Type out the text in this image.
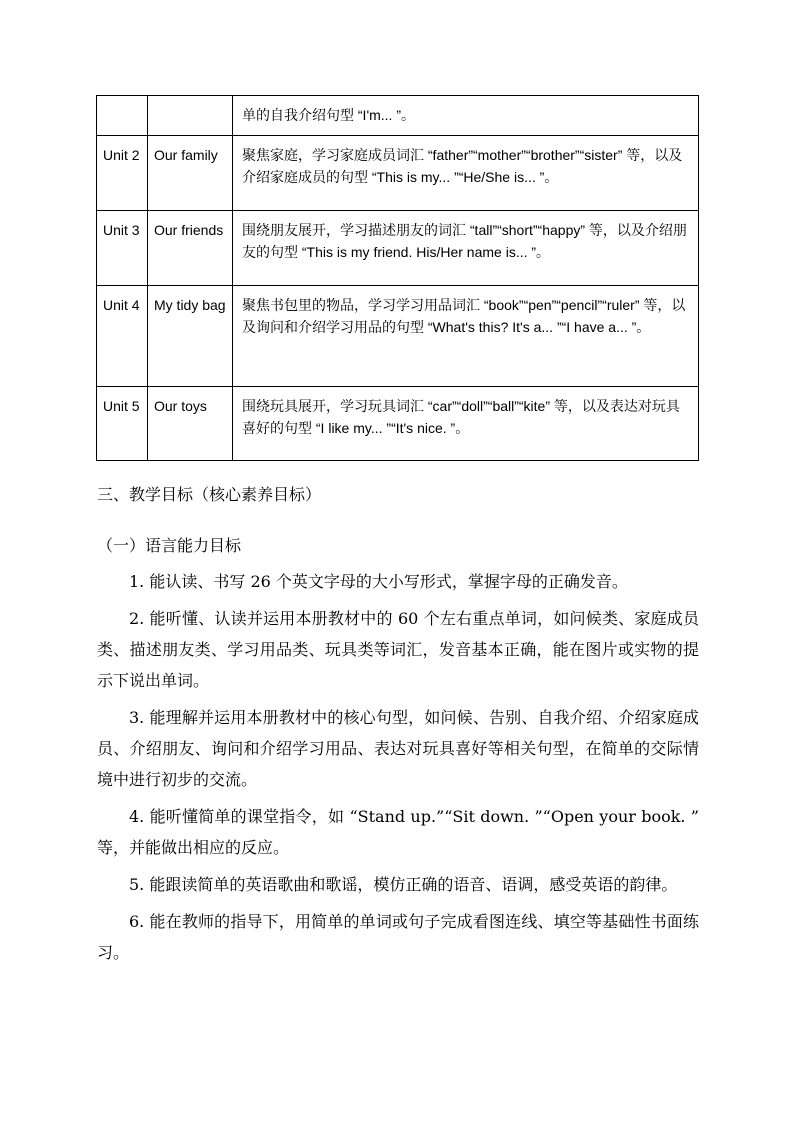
		单的自我介绍句型 “I'm... ”。
Unit 2	Our family	聚焦家庭，学习家庭成员词汇 “father”“mother”“brother”“sister” 等，以及介绍家庭成员的句型 “This is my... ”“He/She is... ”。
Unit 3	Our friends	围绕朋友展开，学习描述朋友的词汇 “tall”“short”“happy” 等，以及介绍朋友的句型 “This is my friend. His/Her name is... ”。
Unit 4	My tidy bag	聚焦书包里的物品，学习学习用品词汇 “book”“pen”“pencil”“ruler” 等，以及询问和介绍学习用品的句型 “What's this? It's a... ”“I have a... ”。
Unit 5	Our toys	围绕玩具展开，学习玩具词汇 “car”“doll”“ball”“kite” 等，以及表达对玩具喜好的句型 “I like my... ”“It's nice. ”。
三、教学目标（核心素养目标）
（一）语言能力目标
1. 能认读、书写 26 个英文字母的大小写形式，掌握字母的正确发音。
2. 能听懂、认读并运用本册教材中的 60 个左右重点单词，如问候类、家庭成员类、描述朋友类、学习用品类、玩具类等词汇，发音基本正确，能在图片或实物的提示下说出单词。
3. 能理解并运用本册教材中的核心句型，如问候、告别、自我介绍、介绍家庭成员、介绍朋友、询问和介绍学习用品、表达对玩具喜好等相关句型，在简单的交际情境中进行初步的交流。
4. 能听懂简单的课堂指令，如 “Stand up.”“Sit down. ”“Open your book. ” 等，并能做出相应的反应。
5. 能跟读简单的英语歌曲和歌谣，模仿正确的语音、语调，感受英语的韵律。
6. 能在教师的指导下，用简单的单词或句子完成看图连线、填空等基础性书面练习。
